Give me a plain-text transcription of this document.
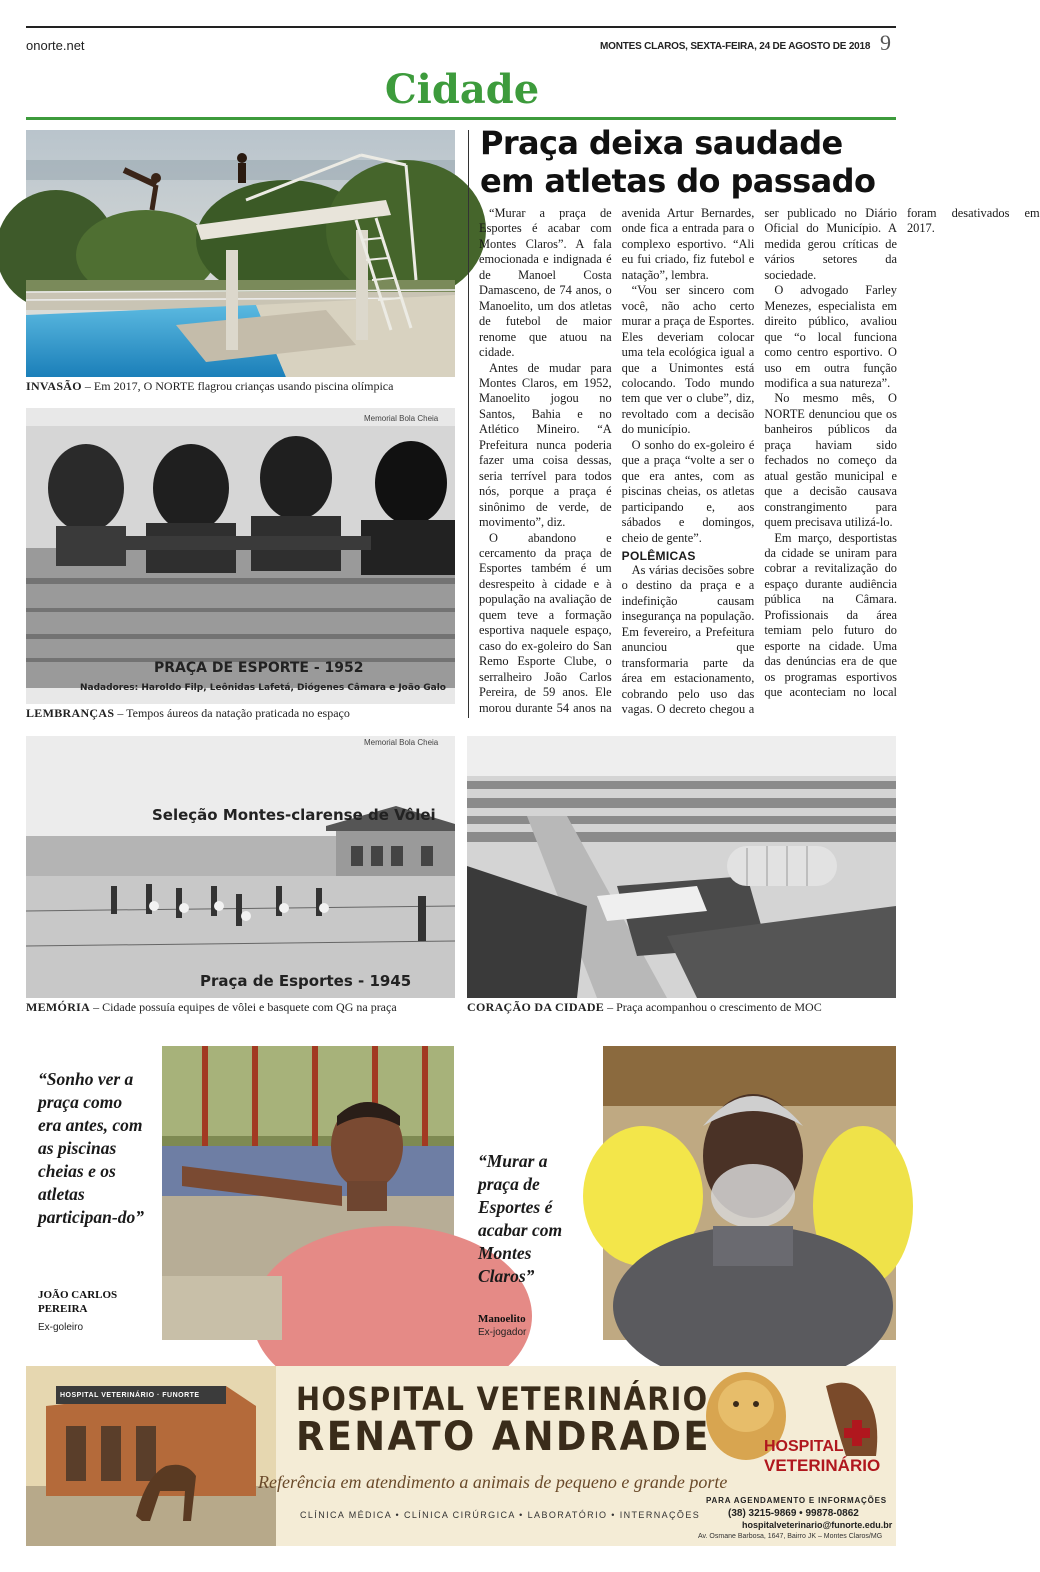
onorte.net	MONTES CLAROS, SEXTA-FEIRA, 24 DE AGOSTO DE 2018 9
Cidade
INVASÃO – Em 2017, O NORTE flagrou crianças usando piscina olímpica
Memorial Bola Cheia
PRAÇA DE ESPORTE - 1952
Nadadores: Haroldo Filp, Leônidas Lafetá, Diógenes Câmara e João Galo
LEMBRANÇAS – Tempos áureos da natação praticada no espaço
Praça deixa saudade em atletas do passado

“Murar a praça de Esportes é acabar com Montes Claros”. A fala emocionada e indignada é de Manoel Costa Damasceno, de 74 anos, o Manoelito, um dos atletas de futebol de maior renome que atuou na cidade.

Antes de mudar para Montes Claros, em 1952, Manoelito jogou no Santos, Bahia e no Atlético Mineiro. “A Prefeitura nunca poderia fazer uma coisa dessas, seria terrível para todos nós, porque a praça é sinônimo de verde, de movimento”, diz.

O abandono e cercamento da praça de Esportes também é um desrespeito à cidade e à população na avaliação de quem teve a formação esportiva naquele espaço, caso do ex-goleiro do San Remo Esporte Clube, o serralheiro João Carlos Pereira, de 59 anos. Ele morou durante 54 anos na avenida Artur Bernardes, onde fica a entrada para o complexo esportivo. “Ali eu fui criado, fiz futebol e natação”, lembra.

“Vou ser sincero com você, não acho certo murar a praça de Esportes. Eles deveriam colocar uma tela ecológica igual a que a Unimontes está colocando. Todo mundo tem que ver o clube”, diz, revoltado com a decisão do município.

O sonho do ex-goleiro é que a praça “volte a ser o que era antes, com as piscinas cheias, os atletas participando e, aos sábados e domingos, cheio de gente”.

POLÊMICAS

As várias decisões sobre o destino da praça e a indefinição causam insegurança na população. Em fevereiro, a Prefeitura anunciou que transformaria parte da área em estacionamento, cobrando pelo uso das vagas. O decreto chegou a ser publicado no Diário Oficial do Município. A medida gerou críticas de vários setores da sociedade.

O advogado Farley Menezes, especialista em direito público, avaliou que “o local funciona como centro esportivo. O uso em outra função modifica a sua natureza”.

No mesmo mês, O NORTE denunciou que os banheiros públicos da praça haviam sido fechados no começo da atual gestão municipal e que a decisão causava constrangimento para quem precisava utilizá-lo.

Em março, desportistas da cidade se uniram para cobrar a revitalização do espaço durante audiência pública na Câmara. Profissionais da área temiam pelo futuro do esporte na cidade. Uma das denúncias era de que os programas esportivos que aconteciam no local foram desativados em 2017.

Memorial Bola Cheia
Seleção Montes-clarense de Vôlei
Praça de Esportes - 1945
MEMÓRIA – Cidade possuía equipes de vôlei e basquete com QG na praça	CORAÇÃO DA CIDADE – Praça acompanhou o crescimento de MOC
“Sonho ver a praça como era antes, com as piscinas cheias e os atletas participan-do”
JOÃO CARLOS PEREIRA
Ex-goleiro
“Murar a praça de Esportes é acabar com Montes Claros”
Manoelito
Ex-jogador
HOSPITAL VETERINÁRIO · FUNORTE	HOSPITAL VETERINÁRIO
RENATO ANDRADE
Referência em atendimento a animais de pequeno e grande porte
CLÍNICA MÉDICA • CLÍNICA CIRÚRGICA • LABORATÓRIO • INTERNAÇÕES
HOSPITAL
VETERINÁRIO
PARA AGENDAMENTO E INFORMAÇÕES
(38) 3215-9869 • 99878-0862
hospitalveterinario@funorte.edu.br
Av. Osmane Barbosa, 1647, Bairro JK – Montes Claros/MG
